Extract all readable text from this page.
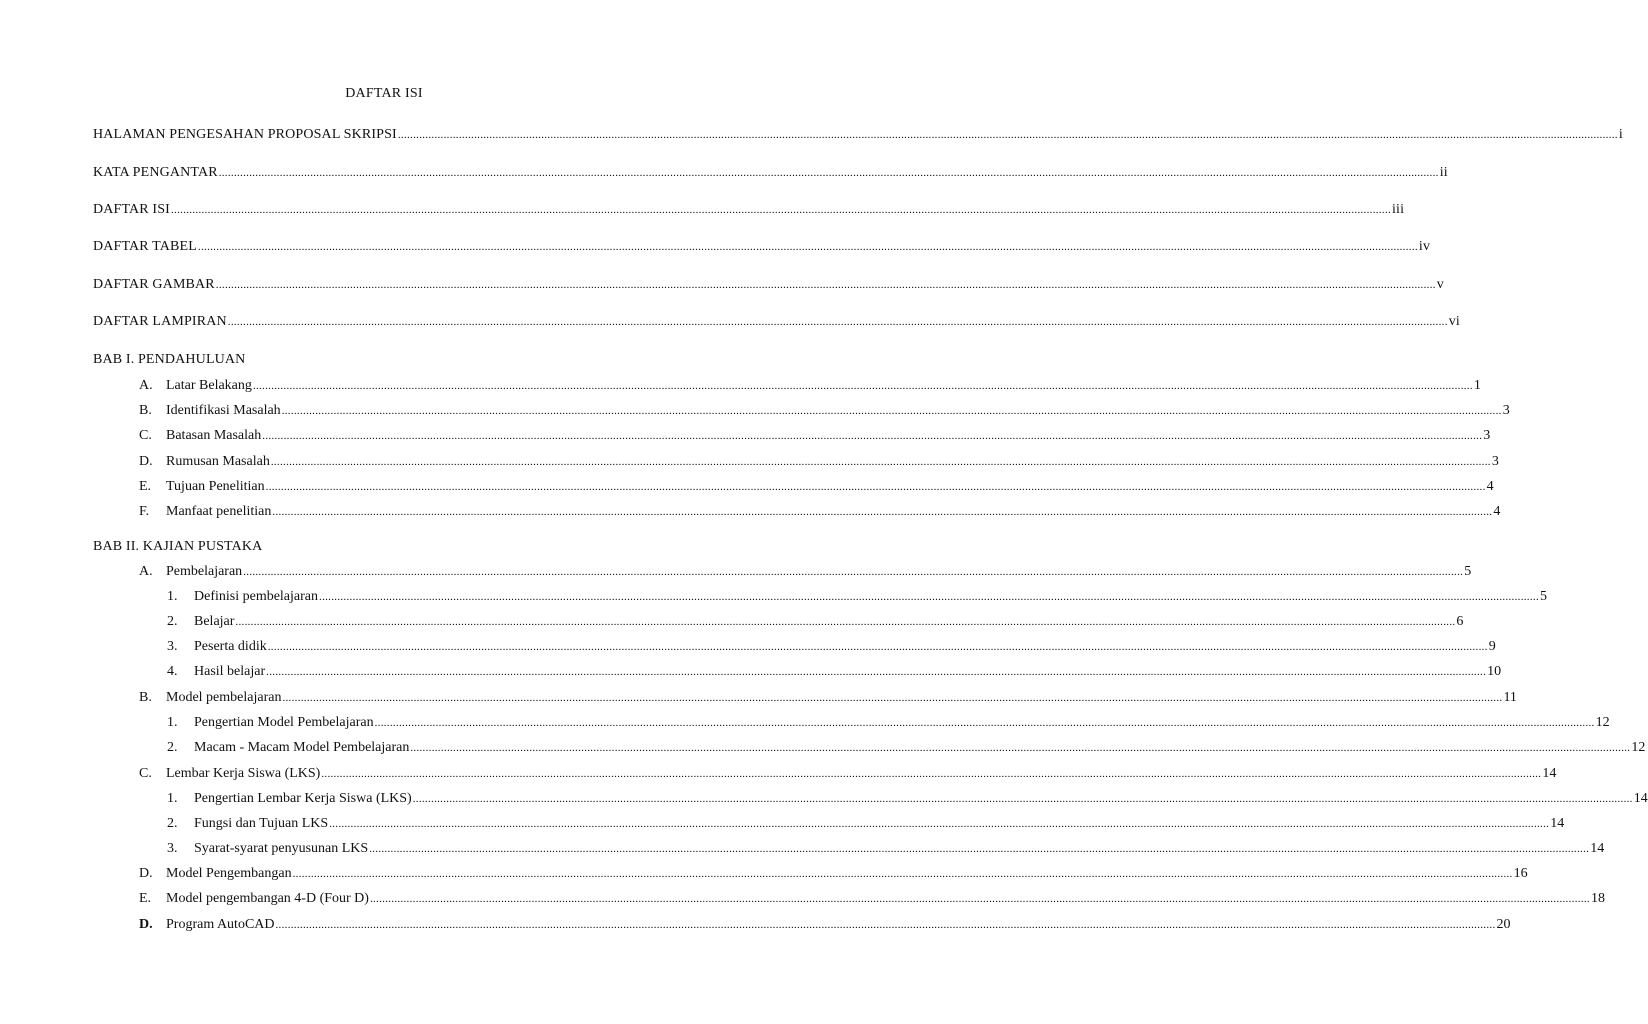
DAFTAR ISI
HALAMAN PENGESAHAN PROPOSAL SKRIPSI ................................................................................................................................................................................................................................................................................................................................................................................................................ i
KATA PENGANTAR ................................................................................................................................................................................................................................................................................................................................................................................................................ ii
DAFTAR ISI ................................................................................................................................................................................................................................................................................................................................................................................................................ iii
DAFTAR TABEL ................................................................................................................................................................................................................................................................................................................................................................................................................ iv
DAFTAR GAMBAR ................................................................................................................................................................................................................................................................................................................................................................................................................ v
DAFTAR LAMPIRAN ................................................................................................................................................................................................................................................................................................................................................................................................................ vi
BAB I. PENDAHULUAN
BAB II. KAJIAN PUSTAKA
A. Latar Belakang ................................................................................................................................................................................................................................................................................................................................................................................................................ 1
B.	Identifikasi Masalah ................................................................................................................................................................................................................................................................................................................................................................................................................ 3
C.	Batasan Masalah ................................................................................................................................................................................................................................................................................................................................................................................................................ 3
D. Rumusan Masalah ................................................................................................................................................................................................................................................................................................................................................................................................................ 3
E.	Tujuan Penelitian ................................................................................................................................................................................................................................................................................................................................................................................................................ 4
F.	Manfaat penelitian ................................................................................................................................................................................................................................................................................................................................................................................................................ 4
A. Pembelajaran ................................................................................................................................................................................................................................................................................................................................................................................................................ 5
1.	Definisi pembelajaran ................................................................................................................................................................................................................................................................................................................................................................................................................ 5
2.	Belajar ................................................................................................................................................................................................................................................................................................................................................................................................................ 6
3.	Peserta didik ................................................................................................................................................................................................................................................................................................................................................................................................................ 9
4.	Hasil belajar ................................................................................................................................................................................................................................................................................................................................................................................................................ 10
B.	Model pembelajaran ................................................................................................................................................................................................................................................................................................................................................................................................................ 11
1.	Pengertian Model Pembelajaran ................................................................................................................................................................................................................................................................................................................................................................................................................ 12
2.	Macam - Macam Model Pembelajaran ................................................................................................................................................................................................................................................................................................................................................................................................................ 12
C.	Lembar Kerja Siswa (LKS) ................................................................................................................................................................................................................................................................................................................................................................................................................ 14
1.	Pengertian Lembar Kerja Siswa (LKS) ................................................................................................................................................................................................................................................................................................................................................................................................................ 14
2.	Fungsi dan Tujuan LKS ................................................................................................................................................................................................................................................................................................................................................................................................................ 14
3.	Syarat-syarat penyusunan LKS ................................................................................................................................................................................................................................................................................................................................................................................................................ 14
D. Model Pengembangan ................................................................................................................................................................................................................................................................................................................................................................................................................ 16
E.	Model pengembangan 4-D (Four D) ................................................................................................................................................................................................................................................................................................................................................................................................................ 18
D. Program AutoCAD ................................................................................................................................................................................................................................................................................................................................................................................................................ 20
